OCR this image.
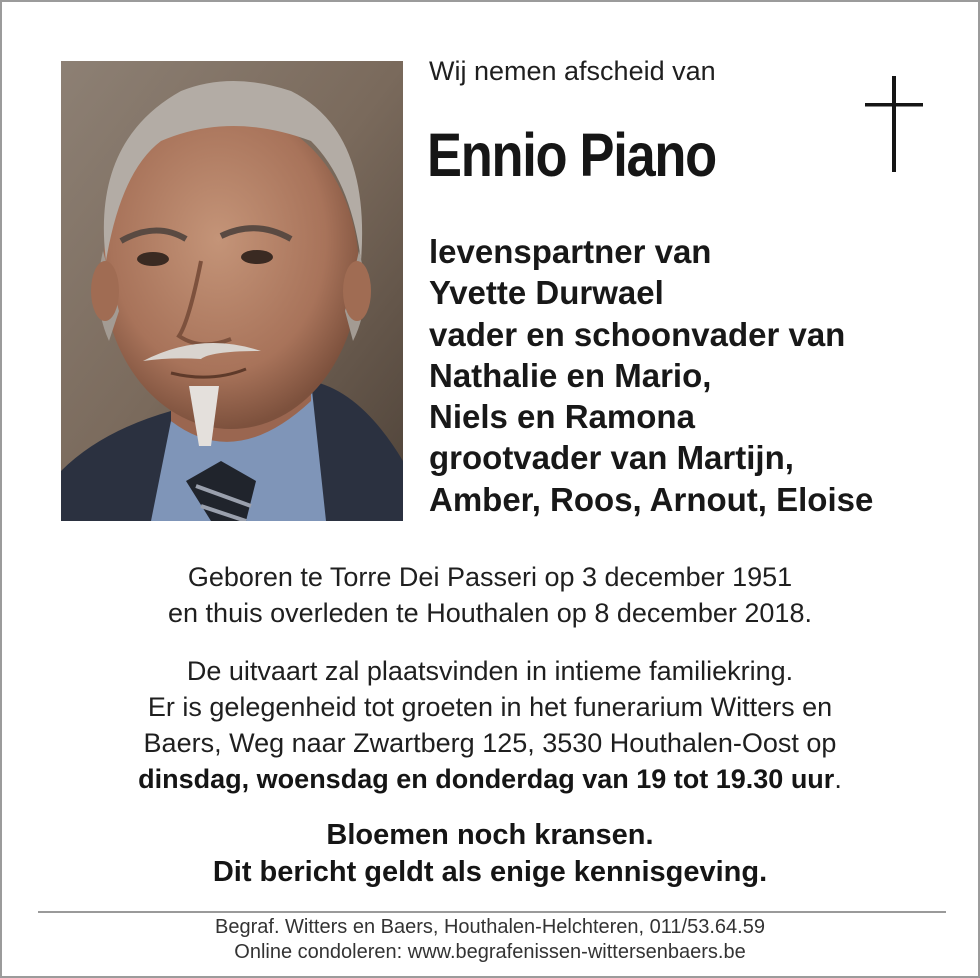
Wij nemen afscheid van
Ennio Piano
levenspartner van
Yvette Durwael
vader en schoonvader van
Nathalie en Mario,
Niels en Ramona
grootvader van Martijn,
Amber, Roos, Arnout, Eloise
Geboren te Torre Dei Passeri op 3 december 1951
en thuis overleden te Houthalen op 8 december 2018.
De uitvaart zal plaatsvinden in intieme familiekring.
Er is gelegenheid tot groeten in het funerarium Witters en
Baers, Weg naar Zwartberg 125, 3530 Houthalen-Oost op
dinsdag, woensdag en donderdag van 19 tot 19.30 uur.
Bloemen noch kransen.
Dit bericht geldt als enige kennisgeving.
Begraf. Witters en Baers, Houthalen-Helchteren, 011/53.64.59
Online condoleren: www.begrafenissen-wittersenbaers.be
